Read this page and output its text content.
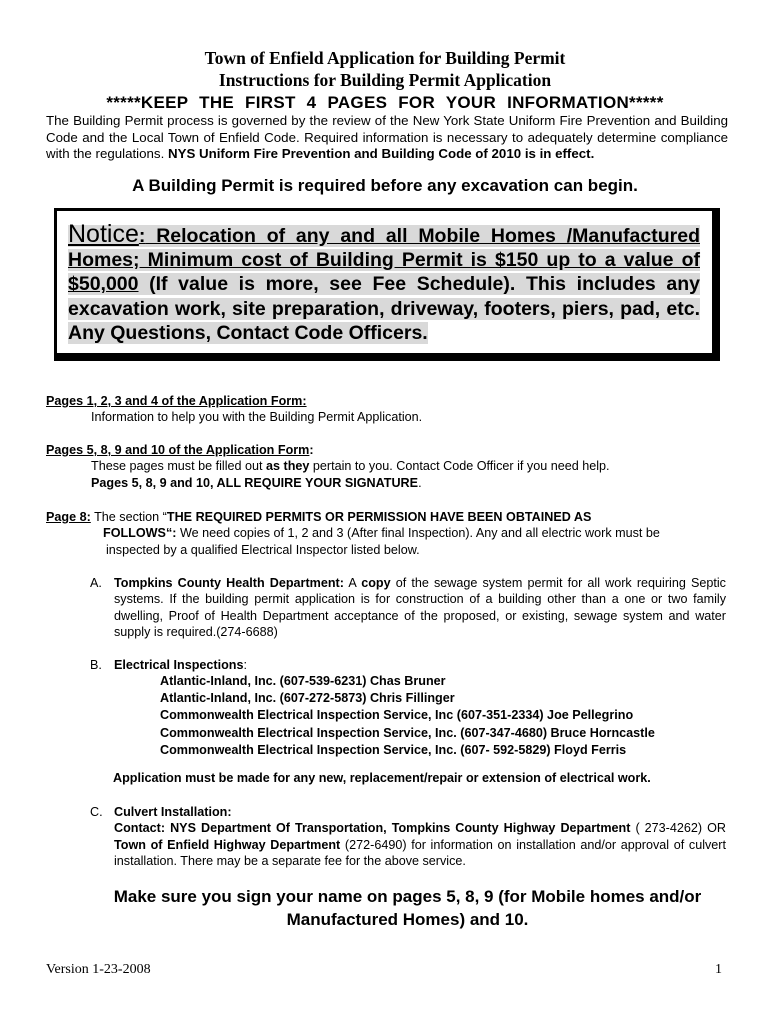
Town of Enfield Application for Building Permit
Instructions for Building Permit Application
*****KEEP THE FIRST 4 PAGES FOR YOUR INFORMATION*****
The Building Permit process is governed by the review of the New York State Uniform Fire Prevention and Building Code and the Local Town of Enfield Code. Required information is necessary to adequately determine compliance with the regulations. NYS Uniform Fire Prevention and Building Code of 2010 is in effect.
A Building Permit is required before any excavation can begin.
Notice: Relocation of any and all Mobile Homes /Manufactured Homes; Minimum cost of Building Permit is $150 up to a value of $50,000 (If value is more, see Fee Schedule). This includes any excavation work, site preparation, driveway, footers, piers, pad, etc. Any Questions, Contact Code Officers.
Pages 1, 2, 3 and 4 of the Application Form:
Information to help you with the Building Permit Application.
Pages 5, 8, 9 and 10 of the Application Form:
These pages must be filled out as they pertain to you. Contact Code Officer if you need help.
Pages 5, 8, 9 and 10, ALL REQUIRE YOUR SIGNATURE.
Page 8: The section “THE REQUIRED PERMITS OR PERMISSION HAVE BEEN OBTAINED AS
FOLLOWS“: We need copies of 1, 2 and 3 (After final Inspection). Any and all electric work must be
inspected by a qualified Electrical Inspector listed below.
A. Tompkins County Health Department: A copy of the sewage system permit for all work requiring Septic systems. If the building permit application is for construction of a building other than a one or two family dwelling, Proof of Health Department acceptance of the proposed, or existing, sewage system and water supply is required.(274-6688)
B. Electrical Inspections:
Atlantic-Inland, Inc. (607-539-6231) Chas Bruner
Atlantic-Inland, Inc. (607-272-5873) Chris Fillinger
Commonwealth Electrical Inspection Service, Inc (607-351-2334) Joe Pellegrino
Commonwealth Electrical Inspection Service, Inc. (607-347-4680) Bruce Horncastle
Commonwealth Electrical Inspection Service, Inc. (607- 592-5829) Floyd Ferris
Application must be made for any new, replacement/repair or extension of electrical work.
C. Culvert Installation:
Contact: NYS Department Of Transportation, Tompkins County Highway Department ( 273-4262) OR Town of Enfield Highway Department (272-6490) for information on installation and/or approval of culvert installation. There may be a separate fee for the above service.
Make sure you sign your name on pages 5, 8, 9 (for Mobile homes and/or
Manufactured Homes) and 10.
Version 1-23-2008	1
